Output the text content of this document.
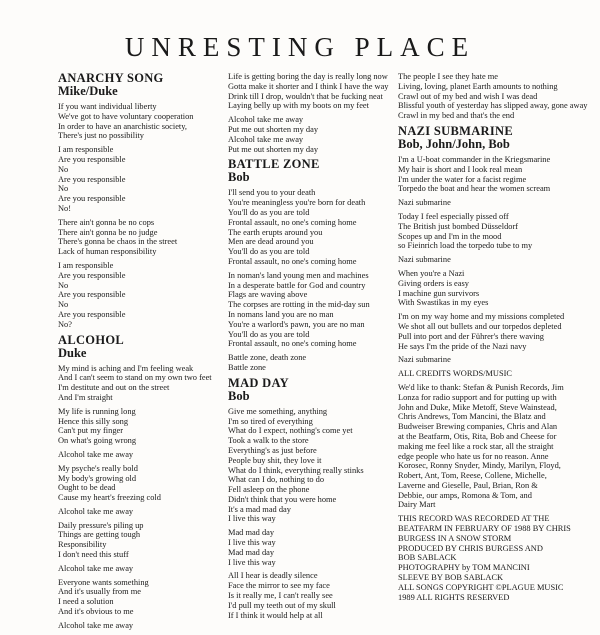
UNRESTING PLACE
ANARCHY SONG
Mike/Duke
If you want individual liberty
We've got to have voluntary cooperation
In order to have an anarchistic society,
There's just no possibility
I am responsible
Are you responsible
No
Are you responsible
No
Are you responsible
No!
There ain't gonna be no cops
There ain't gonna be no judge
There's gonna be chaos in the street
Lack of human responsibility
I am responsible
Are you responsible
No
Are you responsible
No
Are you responsible
No?
ALCOHOL
Duke
My mind is aching and I'm feeling weak
And I can't seem to stand on my own two feet
I'm destitute and out on the street
And I'm straight
My life is running long
Hence this silly song
Can't put my finger
On what's going wrong
Alcohol take me away
My psyche's really bold
My body's growing old
Ought to be dead
Cause my heart's freezing cold
Alcohol take me away
Daily pressure's piling up
Things are getting tough
Responsibility
I don't need this stuff
Alcohol take me away
Everyone wants something
And it's usually from me
I need a solution
And it's obvious to me
Alcohol take me away
Life is getting boring the day is really long now
Gotta make it shorter and I think I have the way
Drink till I drop, wouldn't that be fucking neat
Laying belly up with my boots on my feet
Alcohol take me away
Put me out shorten my day
Alcohol take me away
Put me out shorten my day
BATTLE ZONE
Bob
I'll send you to your death
You're meaningless you're born for death
You'll do as you are told
Frontal assault, no one's coming home
The earth erupts around you
Men are dead around you
You'll do as you are told
Frontal assault, no one's coming home
In noman's land young men and machines
In a desperate battle for God and country
Flags are waving above
The corpses are rotting in the mid-day sun
In nomans land you are no man
You're a warlord's pawn, you are no man
You'll do as you are told
Frontal assault, no one's coming home
Battle zone, death zone
Battle zone
MAD DAY
Bob
Give me something, anything
I'm so tired of everything
What do I expect, nothing's come yet
Took a walk to the store
Everything's as just before
People buy shit, they love it
What do I think, everything really stinks
What can I do, nothing to do
Fell asleep on the phone
Didn't think that you were home
It's a mad mad day
I live this way
Mad mad day
I live this way
Mad mad day
I live this way
All I hear is deadly silence
Face the mirror to see my face
Is it really me, I can't really see
I'd pull my teeth out of my skull
If I think it would help at all
The people I see they hate me
Living, loving, planet Earth amounts to nothing
Crawl out of my bed and wish I was dead
Blissful youth of yesterday has slipped away, gone away
Crawl in my bed and that's the end
NAZI SUBMARINE
Bob, John/John, Bob
I'm a U-boat commander in the Kriegsmarine
My hair is short and I look real mean
I'm under the water for a facist regime
Torpedo the boat and hear the women scream
Nazi submarine
Today I feel especially pissed off
The British just bombed Düsseldorf
Scopes up and I'm in the mood
so Fieinrich load the torpedo tube to my
Nazi submarine
When you're a Nazi
Giving orders is easy
I machine gun survivors
With Swastikas in my eyes
I'm on my way home and my missions completed
We shot all out bullets and our torpedos depleted
Pull into port and der Führer's there waving
He says I'm the pride of the Nazi navy
Nazi submarine
ALL CREDITS WORDS/MUSIC
We'd like to thank: Stefan & Punish Records, Jim
Lonza for radio support and for putting up with
John and Duke, Mike Metoff, Steve Wainstead,
Chris Andrews, Tom Mancini, the Blatz and
Budweiser Brewing companies, Chris and Alan
at the Beatfarm, Otis, Rita, Bob and Cheese for
making me feel like a rock star, all the straight
edge people who hate us for no reason. Anne
Korosec, Ronny Snyder, Mindy, Marilyn, Floyd,
Robert, Ant, Tom, Reese, Collene, Michelle,
Laverne and Gieselle, Paul, Brian, Ron &
Debbie, our amps, Romona & Tom, and
Dairy Mart
THIS RECORD WAS RECORDED AT THE
BEATFARM IN FEBRUARY OF 1988 BY CHRIS
BURGESS IN A SNOW STORM
PRODUCED BY CHRIS BURGESS AND
BOB SABLACK
PHOTOGRAPHY by TOM MANCINI
SLEEVE BY BOB SABLACK
ALL SONGS COPYRIGHT ©PLAGUE MUSIC
1989 ALL RIGHTS RESERVED
